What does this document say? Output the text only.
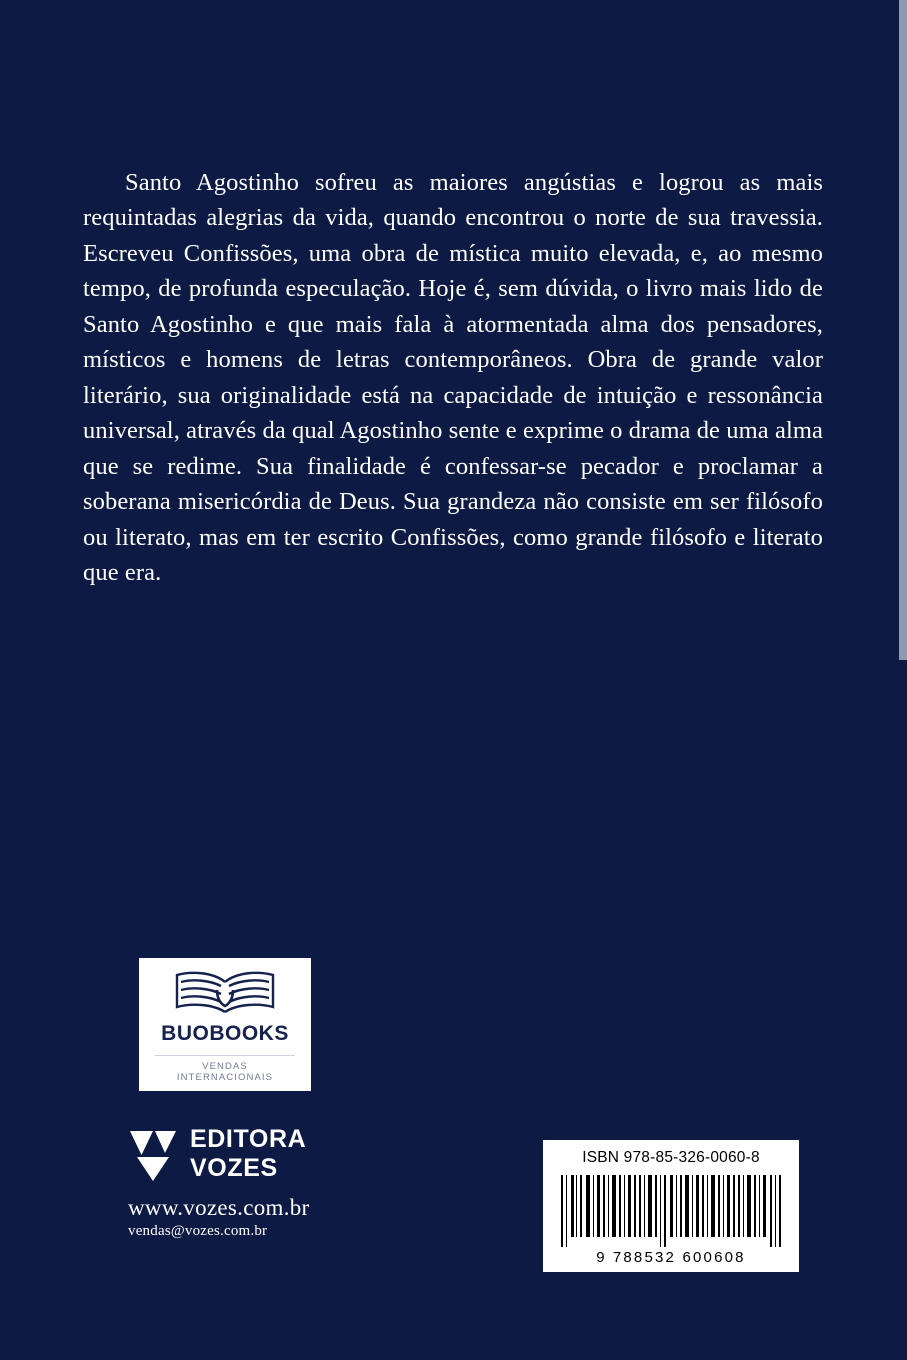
Santo Agostinho sofreu as maiores angústias e logrou as mais requintadas alegrias da vida, quando encontrou o norte de sua travessia. Escreveu Confissões, uma obra de mística muito elevada, e, ao mesmo tempo, de profunda especulação. Hoje é, sem dúvida, o livro mais lido de Santo Agostinho e que mais fala à atormentada alma dos pensadores, místicos e homens de letras contemporâneos. Obra de grande valor literário, sua originalidade está na capacidade de intuição e ressonância universal, através da qual Agostinho sente e exprime o drama de uma alma que se redime. Sua finalidade é confessar-se pecador e proclamar a soberana misericórdia de Deus. Sua grandeza não consiste em ser filósofo ou literato, mas em ter escrito Confissões, como grande filósofo e literato que era.

BUOBOOKS
VENDAS INTERNACIONAIS
EDITORA
VOZES
www.vozes.com.br
vendas@vozes.com.br
ISBN 978-85-326-0060-8
9 788532 600608
